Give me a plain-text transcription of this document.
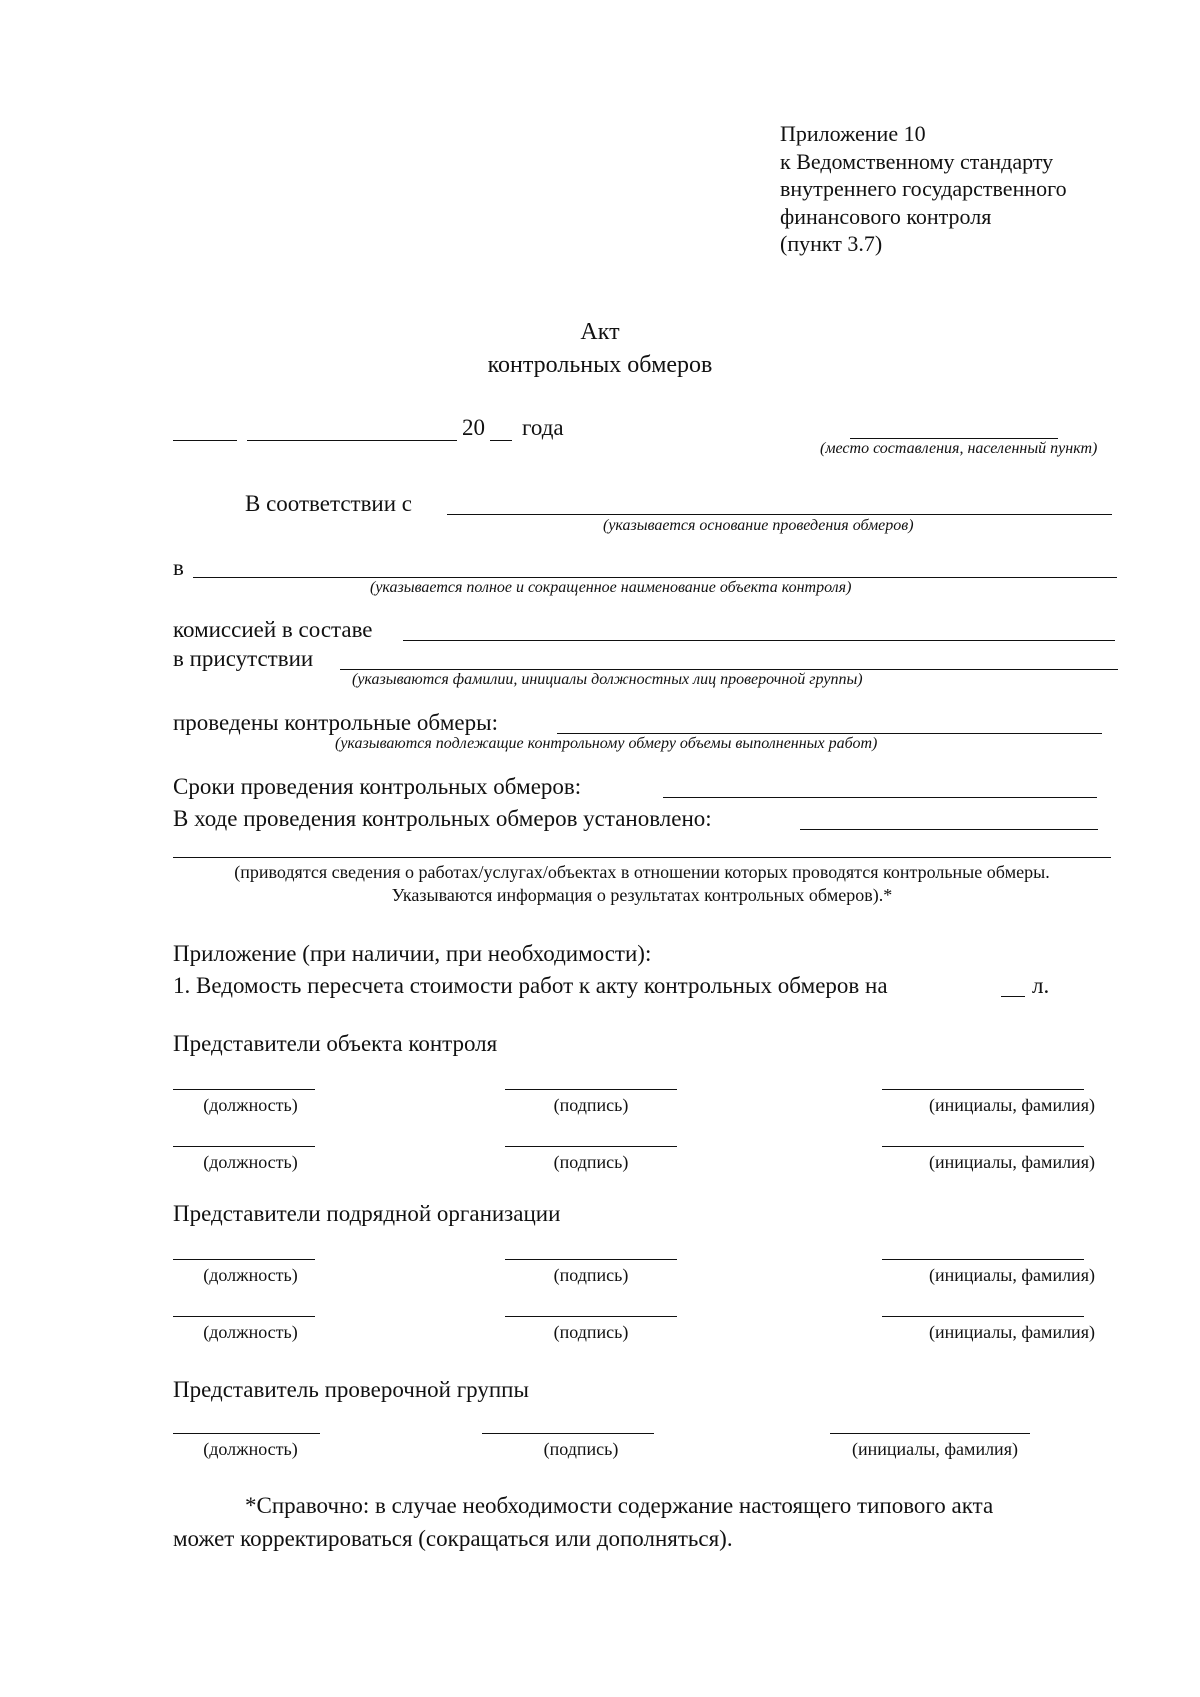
Приложение 10
к Ведомственному стандарту
внутреннего государственного
финансового контроля
(пункт 3.7)
Акт
контрольных обмеров
20 года
(место составления, населенный пункт)
В соответствии с
(указывается основание проведения обмеров)
в
(указывается полное и сокращенное наименование объекта контроля)
комиссией в составе
в присутствии
(указываются фамилии, инициалы должностных лиц проверочной группы)
проведены контрольные обмеры:
(указываются подлежащие контрольному обмеру объемы выполненных работ)
Сроки проведения контрольных обмеров:
В ходе проведения контрольных обмеров установлено:
(приводятся сведения о работах/услугах/объектах в отношении которых проводятся контрольные обмеры.
Указываются информация о результатах контрольных обмеров).*
Приложение (при наличии, при необходимости):
1. Ведомость пересчета стоимости работ к акту контрольных обмеров на	л.
Представители объекта контроля
(должность)	(подпись)	(инициалы, фамилия)
(должность)	(подпись)	(инициалы, фамилия)
Представители подрядной организации
(должность)	(подпись)	(инициалы, фамилия)
(должность)	(подпись)	(инициалы, фамилия)
Представитель проверочной группы
(должность)	(подпись)	(инициалы, фамилия)
*Справочно: в случае необходимости содержание настоящего типового акта
может корректироваться (сокращаться или дополняться).
